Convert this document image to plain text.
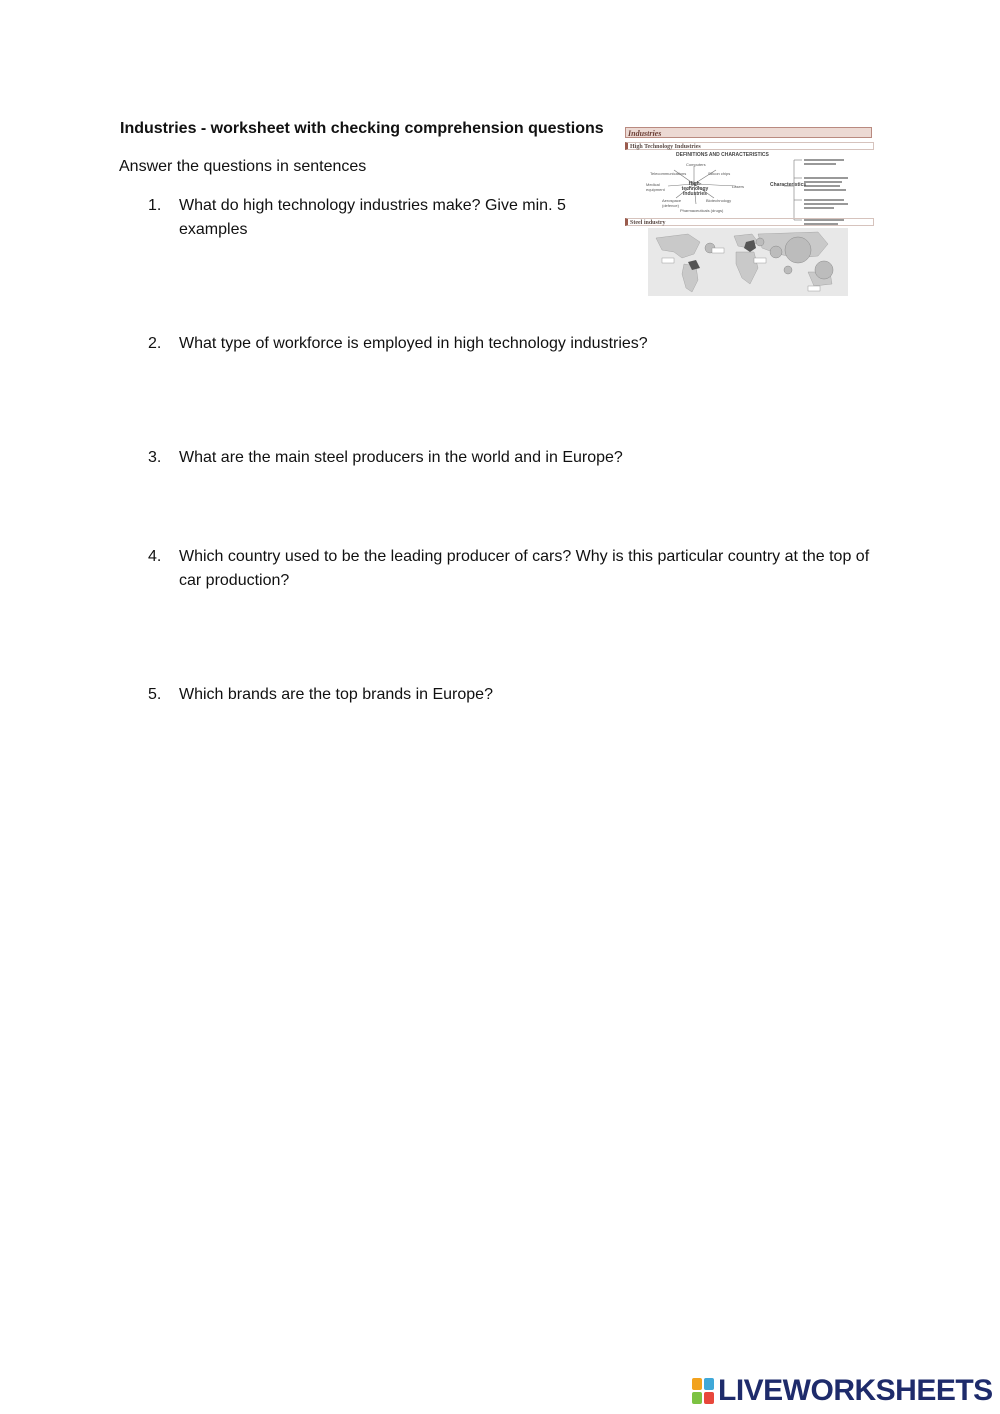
Industries - worksheet with checking comprehension questions
Answer the questions in sentences
1.	What do high technology industries make? Give min. 5 examples
2.	What type of workforce is employed in high technology industries?
3.	What are the main steel producers in the world and in Europe?
4.	Which country used to be the leading producer of cars? Why is this particular country at the top of car production?
5.	Which brands are the top brands in Europe?
Industries
High Technology Industries
DEFINITIONS AND CHARACTERISTICS
Computers
Telecommunications	Silicon chips
Medical equipment
High-technology industries
Lasers
Aerospace (defence)
Biotechnology
Pharmaceuticals (drugs)
Characteristics
Steel industry
LIVEWORKSHEETS
